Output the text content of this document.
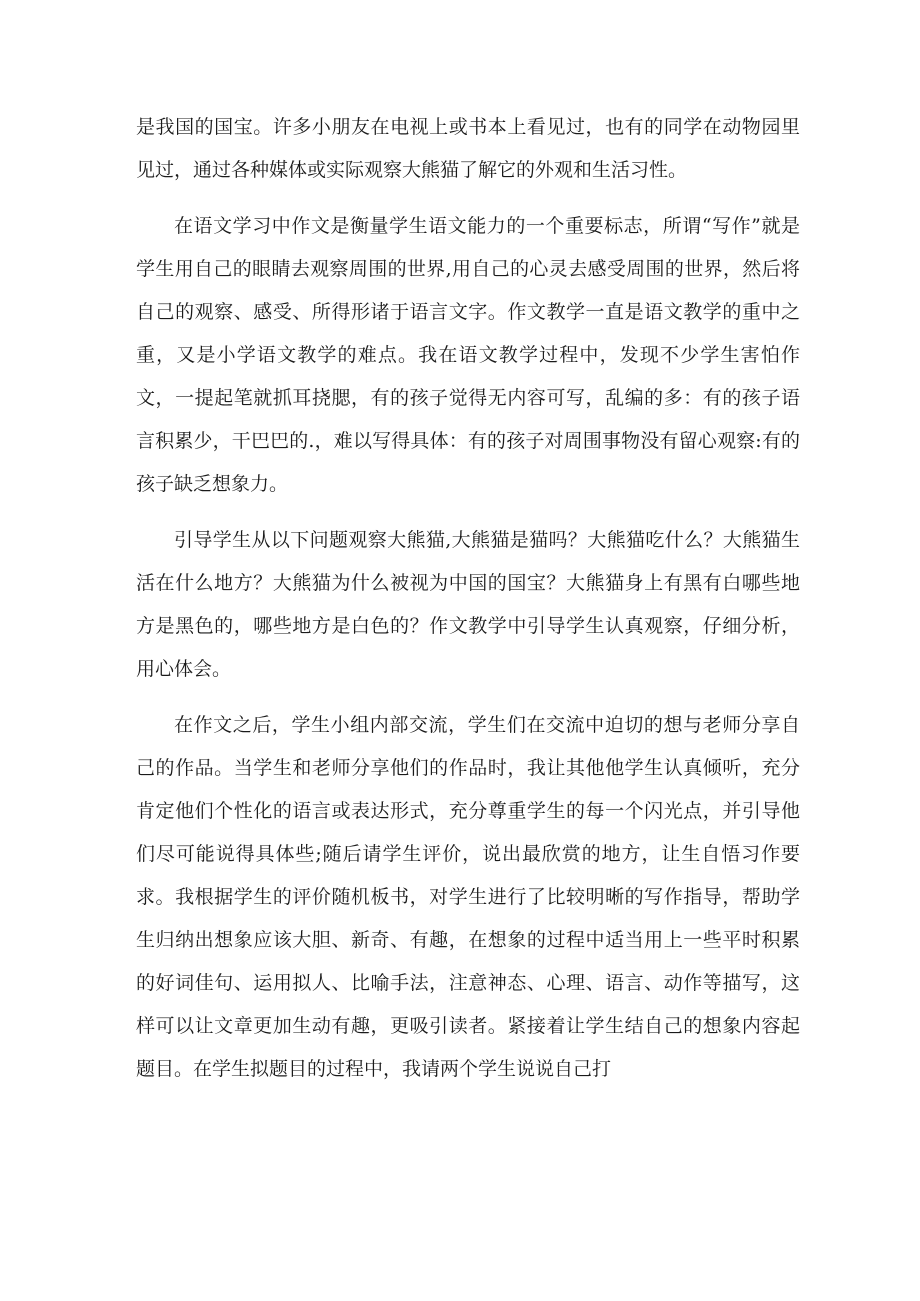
是我国的国宝。许多小朋友在电视上或书本上看见过，也有的同学在动物园里见过，通过各种媒体或实际观察大熊猫了解它的外观和生活习性。

在语文学习中作文是衡量学生语文能力的一个重要标志，所谓“写作”就是学生用自己的眼睛去观察周围的世界,用自己的心灵去感受周围的世界，然后将自己的观察、感受、所得形诸于语言文字。作文教学一直是语文教学的重中之重，又是小学语文教学的难点。我在语文教学过程中，发现不少学生害怕作文，一提起笔就抓耳挠腮，有的孩子觉得无内容可写，乱编的多：有的孩子语言积累少，干巴巴的.，难以写得具体：有的孩子对周围事物没有留心观察:有的孩子缺乏想象力。

引导学生从以下问题观察大熊猫,大熊猫是猫吗？大熊猫吃什么？大熊猫生活在什么地方？大熊猫为什么被视为中国的国宝？大熊猫身上有黑有白哪些地方是黑色的，哪些地方是白色的？作文教学中引导学生认真观察，仔细分析，用心体会。

在作文之后，学生小组内部交流，学生们在交流中迫切的想与老师分享自己的作品。当学生和老师分享他们的作品时，我让其他他学生认真倾听，充分肯定他们个性化的语言或表达形式，充分尊重学生的每一个闪光点，并引导他们尽可能说得具体些;随后请学生评价，说出最欣赏的地方，让生自悟习作要求。我根据学生的评价随机板书，对学生进行了比较明晰的写作指导，帮助学生归纳出想象应该大胆、新奇、有趣，在想象的过程中适当用上一些平时积累的好词佳句、运用拟人、比喻手法，注意神态、心理、语言、动作等描写，这样可以让文章更加生动有趣，更吸引读者。紧接着让学生结自己的想象内容起题目。在学生拟题目的过程中，我请两个学生说说自己打
